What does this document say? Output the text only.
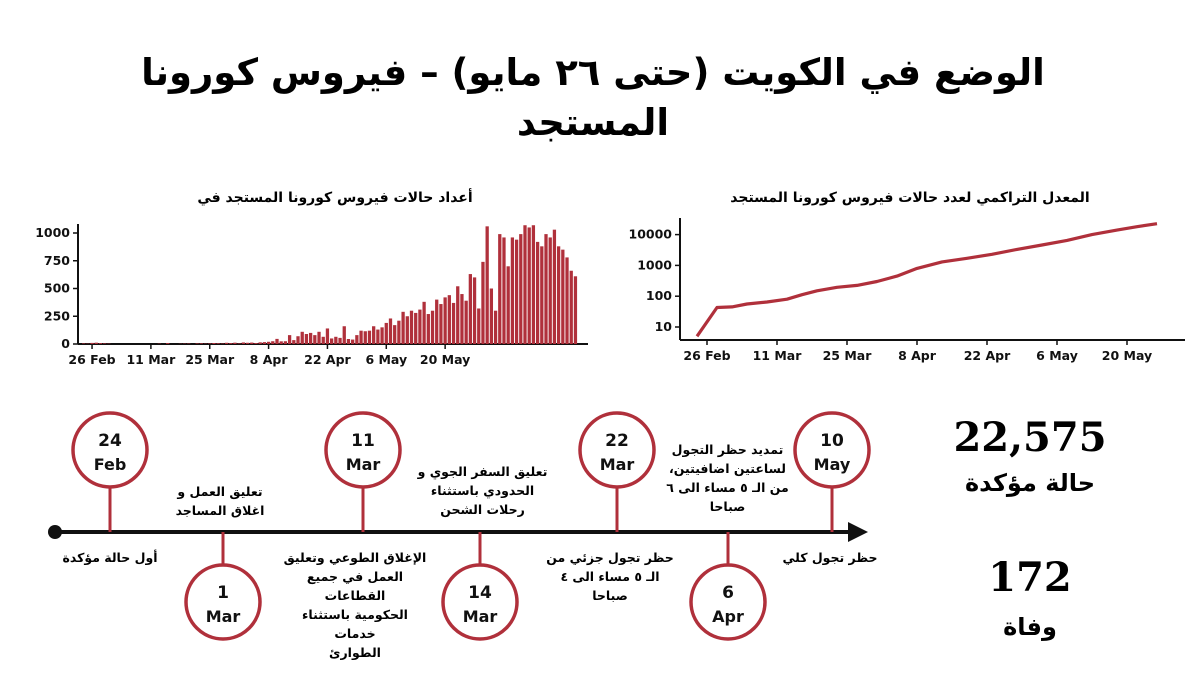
الوضع في الكويت (حتى ٢٦ مايو) – فيروس كورونا المستجد
أعداد حالات فيروس كورونا المستجد في	المعدل التراكمي لعدد حالات فيروس كورونا المستجد
0
250
500
750
1000
26 Feb 11 Mar 25 Mar 8 Apr 22 Apr 6 May 20 May
10
100
1000
10000
26 Feb 11 Mar 25 Mar 8 Apr 22 Apr 6 May 20 May
24
Feb
11
Mar
22
Mar
10
May
1
Mar
14
Mar
6
Apr
أول حالة مؤكدة
تعليق العمل و
اغلاق المساجد
الإغلاق الطوعي وتعليق
العمل في جميع
القطاعات
الحكومية باستثناء
خدمات
الطوارئ
تعليق السفر الجوي و
الحدودي باستثناء
رحلات الشحن
حظر تجول جزئي من
الـ ٥ مساء الى ٤
صباحا
تمديد حظر التجول
لساعتين اضافيتين،
من الـ ٥ مساء الى ٦
صباحا
حظر تجول كلي
22,575
حالة مؤكدة
172
وفاة
